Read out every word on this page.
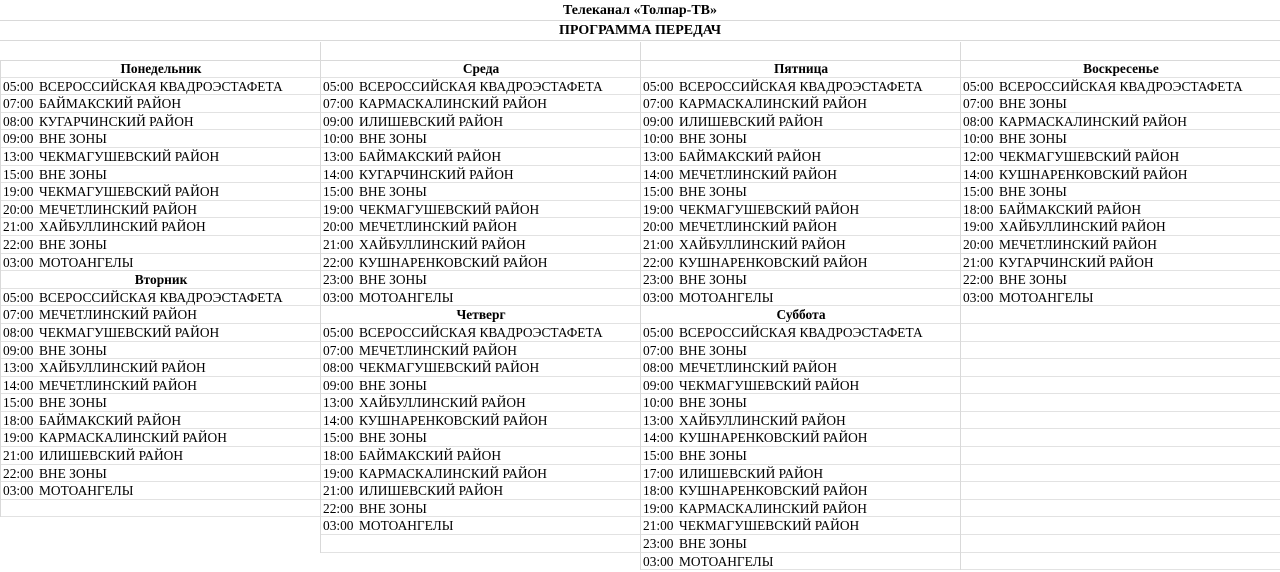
Телеканал «Толпар-ТВ»
ПРОГРАММА ПЕРЕДАЧ
Понедельник
05:00 ВСЕРОССИЙСКАЯ КВАДРОЭСТАФЕТА
07:00 БАЙМАКСКИЙ РАЙОН
08:00 КУГАРЧИНСКИЙ РАЙОН
09:00 ВНЕ ЗОНЫ
13:00 ЧЕКМАГУШЕВСКИЙ РАЙОН
15:00 ВНЕ ЗОНЫ
19:00 ЧЕКМАГУШЕВСКИЙ РАЙОН
20:00 МЕЧЕТЛИНСКИЙ РАЙОН
21:00 ХАЙБУЛЛИНСКИЙ РАЙОН
22:00 ВНЕ ЗОНЫ
03:00 МОТОАНГЕЛЫ
Вторник
05:00 ВСЕРОССИЙСКАЯ КВАДРОЭСТАФЕТА
07:00 МЕЧЕТЛИНСКИЙ РАЙОН
08:00 ЧЕКМАГУШЕВСКИЙ РАЙОН
09:00 ВНЕ ЗОНЫ
13:00 ХАЙБУЛЛИНСКИЙ РАЙОН
14:00 МЕЧЕТЛИНСКИЙ РАЙОН
15:00 ВНЕ ЗОНЫ
18:00 БАЙМАКСКИЙ РАЙОН
19:00 КАРМАСКАЛИНСКИЙ РАЙОН
21:00 ИЛИШЕВСКИЙ РАЙОН
22:00 ВНЕ ЗОНЫ
03:00 МОТОАНГЕЛЫ
Среда
05:00 ВСЕРОССИЙСКАЯ КВАДРОЭСТАФЕТА
07:00 КАРМАСКАЛИНСКИЙ РАЙОН
09:00 ИЛИШЕВСКИЙ РАЙОН
10:00 ВНЕ ЗОНЫ
13:00 БАЙМАКСКИЙ РАЙОН
14:00 КУГАРЧИНСКИЙ РАЙОН
15:00 ВНЕ ЗОНЫ
19:00 ЧЕКМАГУШЕВСКИЙ РАЙОН
20:00 МЕЧЕТЛИНСКИЙ РАЙОН
21:00 ХАЙБУЛЛИНСКИЙ РАЙОН
22:00 КУШНАРЕНКОВСКИЙ РАЙОН
23:00 ВНЕ ЗОНЫ
03:00 МОТОАНГЕЛЫ
Четверг
05:00 ВСЕРОССИЙСКАЯ КВАДРОЭСТАФЕТА
07:00 МЕЧЕТЛИНСКИЙ РАЙОН
08:00 ЧЕКМАГУШЕВСКИЙ РАЙОН
09:00 ВНЕ ЗОНЫ
13:00 ХАЙБУЛЛИНСКИЙ РАЙОН
14:00 КУШНАРЕНКОВСКИЙ РАЙОН
15:00 ВНЕ ЗОНЫ
18:00 БАЙМАКСКИЙ РАЙОН
19:00 КАРМАСКАЛИНСКИЙ РАЙОН
21:00 ИЛИШЕВСКИЙ РАЙОН
22:00 ВНЕ ЗОНЫ
03:00 МОТОАНГЕЛЫ
Пятница
05:00 ВСЕРОССИЙСКАЯ КВАДРОЭСТАФЕТА
07:00 КАРМАСКАЛИНСКИЙ РАЙОН
09:00 ИЛИШЕВСКИЙ РАЙОН
10:00 ВНЕ ЗОНЫ
13:00 БАЙМАКСКИЙ РАЙОН
14:00 МЕЧЕТЛИНСКИЙ РАЙОН
15:00 ВНЕ ЗОНЫ
19:00 ЧЕКМАГУШЕВСКИЙ РАЙОН
20:00 МЕЧЕТЛИНСКИЙ РАЙОН
21:00 ХАЙБУЛЛИНСКИЙ РАЙОН
22:00 КУШНАРЕНКОВСКИЙ РАЙОН
23:00 ВНЕ ЗОНЫ
03:00 МОТОАНГЕЛЫ
Суббота
05:00 ВСЕРОССИЙСКАЯ КВАДРОЭСТАФЕТА
07:00 ВНЕ ЗОНЫ
08:00 МЕЧЕТЛИНСКИЙ РАЙОН
09:00 ЧЕКМАГУШЕВСКИЙ РАЙОН
10:00 ВНЕ ЗОНЫ
13:00 ХАЙБУЛЛИНСКИЙ РАЙОН
14:00 КУШНАРЕНКОВСКИЙ РАЙОН
15:00 ВНЕ ЗОНЫ
17:00 ИЛИШЕВСКИЙ РАЙОН
18:00 КУШНАРЕНКОВСКИЙ РАЙОН
19:00 КАРМАСКАЛИНСКИЙ РАЙОН
21:00 ЧЕКМАГУШЕВСКИЙ РАЙОН
23:00 ВНЕ ЗОНЫ
03:00 МОТОАНГЕЛЫ
Воскресенье
05:00 ВСЕРОССИЙСКАЯ КВАДРОЭСТАФЕТА
07:00 ВНЕ ЗОНЫ
08:00 КАРМАСКАЛИНСКИЙ РАЙОН
10:00 ВНЕ ЗОНЫ
12:00 ЧЕКМАГУШЕВСКИЙ РАЙОН
14:00 КУШНАРЕНКОВСКИЙ РАЙОН
15:00 ВНЕ ЗОНЫ
18:00 БАЙМАКСКИЙ РАЙОН
19:00 ХАЙБУЛЛИНСКИЙ РАЙОН
20:00 МЕЧЕТЛИНСКИЙ РАЙОН
21:00 КУГАРЧИНСКИЙ РАЙОН
22:00 ВНЕ ЗОНЫ
03:00 МОТОАНГЕЛЫ
